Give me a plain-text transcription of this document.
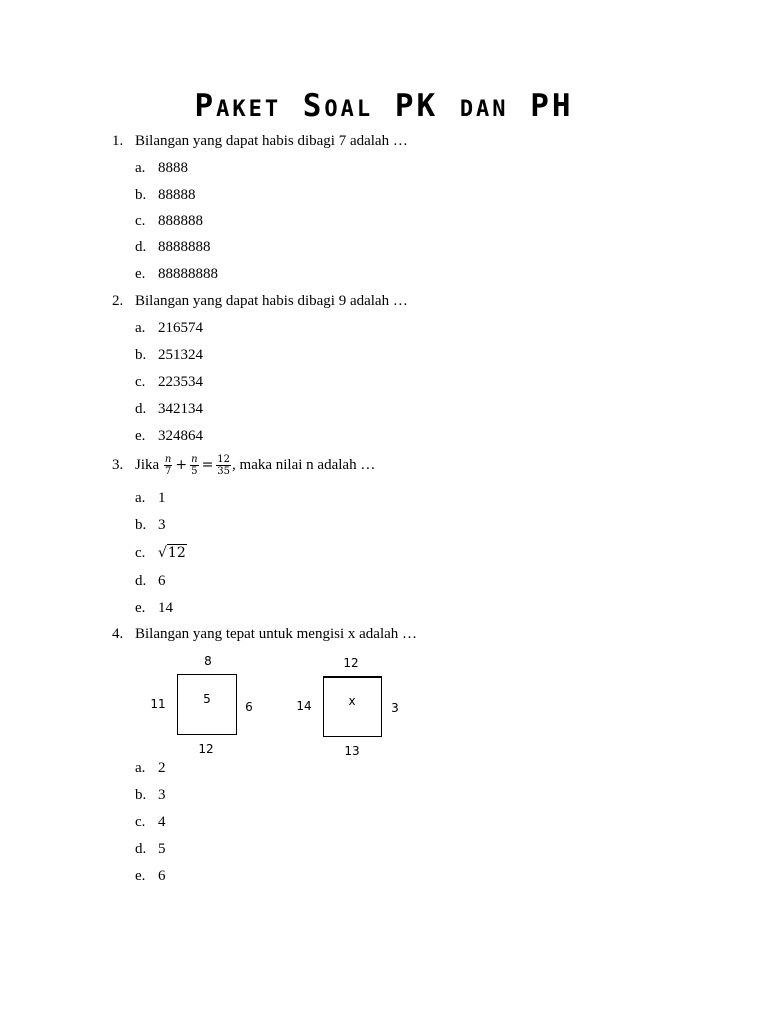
Paket Soal PK dan PH
1. Bilangan yang dapat habis dibagi 7 adalah …
a. 8888
b. 88888
c. 888888
d. 8888888
e. 88888888
2. Bilangan yang dapat habis dibagi 9 adalah …
a. 216574
b. 251324
c. 223534
d. 342134
e. 324864
3. Jika $\frac{n}{7} + \frac{n}{5} = \frac{12}{35}$ , maka nilai n adalah …
a. 1
b. 3
c. √12
d. 6
e. 14
4. Bilangan yang tepat untuk mengisi x adalah …
8
11	5
6
12
12
14	x	3
13
a. 2
b. 3
c. 4
d. 5
e. 6
